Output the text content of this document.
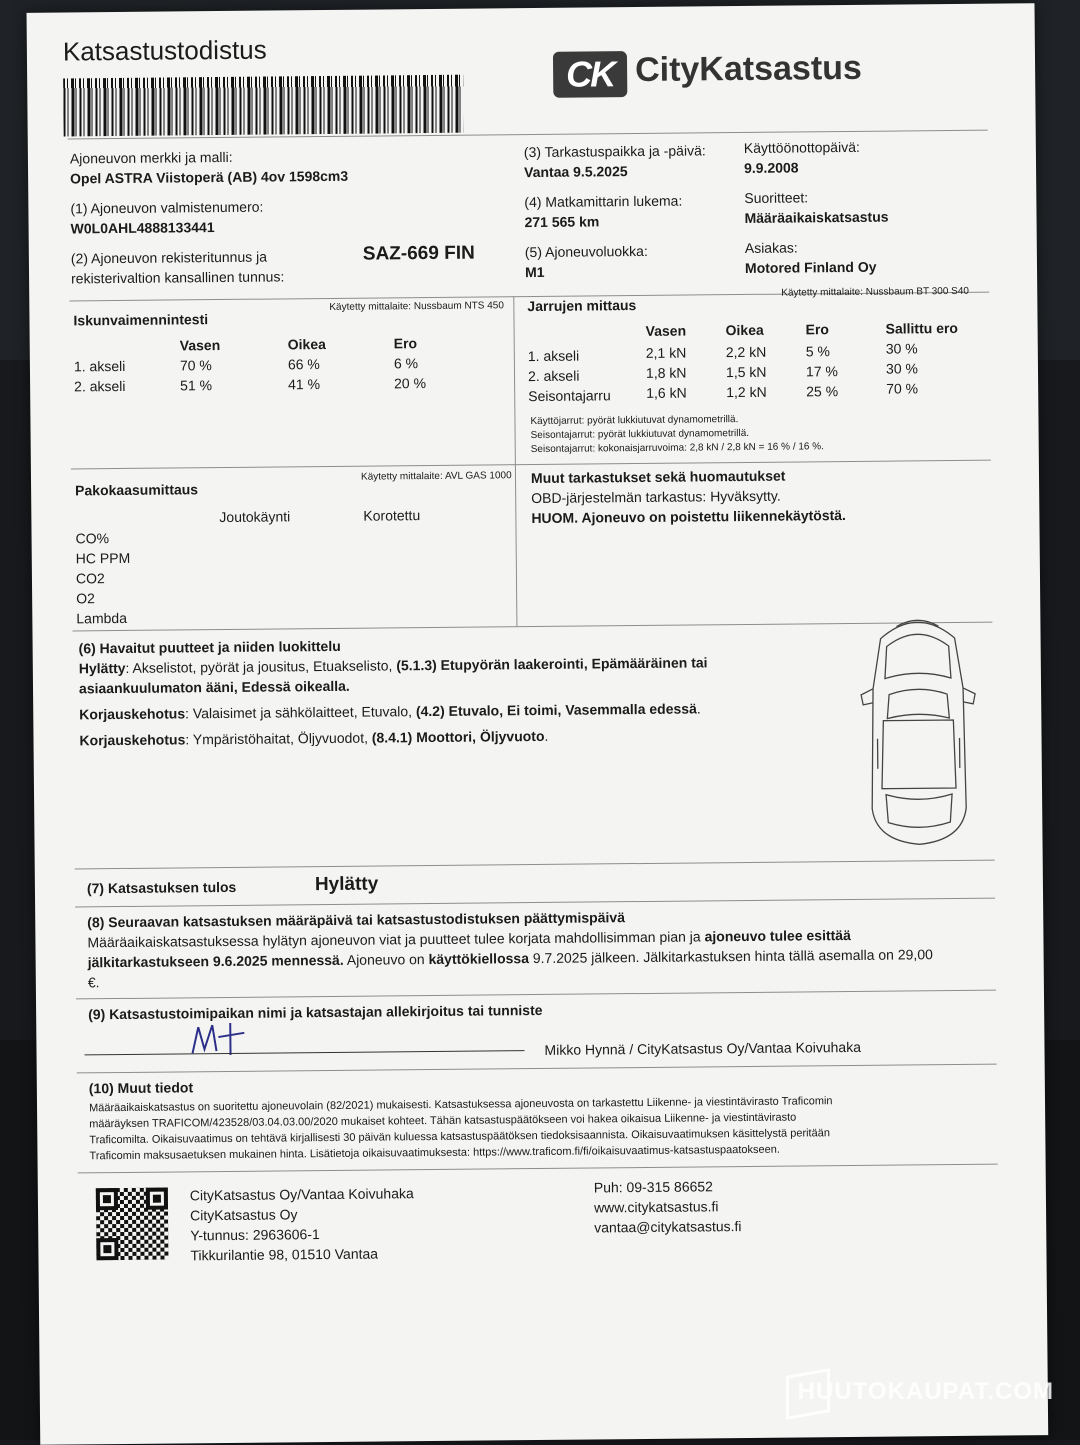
Katsastustodistus
CK CityKatsastus
Ajoneuvon merkki ja malli:
Opel ASTRA Viistoperä (AB) 4ov 1598cm3
(1) Ajoneuvon valmistenumero:
W0L0AHL4888133441
(2) Ajoneuvon rekisteritunnus ja
rekisterivaltion kansallinen tunnus:
SAZ-669 FIN
(3) Tarkastuspaikka ja -päivä:
Vantaa 9.5.2025
(4) Matkamittarin lukema:
271 565 km
(5) Ajoneuvoluokka:
M1
Käyttöönottopäivä:
9.9.2008
Suoritteet:
Määräaikaiskatsastus
Asiakas:
Motored Finland Oy
Iskunvaimennintesti
Käytetty mittalaite: Nussbaum NTS 450
Vasen	Oikea	Ero
1. akseli	70 %	66 %	6 %
2. akseli	51 %	41 %	20 %
Jarrujen mittaus
Käytetty mittalaite: Nussbaum BT 300 S40
Vasen	Oikea	Ero	Sallittu ero
1. akseli	2,1 kN	2,2 kN	5 %	30 %
2. akseli	1,8 kN	1,5 kN	17 %	30 %
Seisontajarru	1,6 kN	1,2 kN	25 %	70 %
Käyttöjarrut: pyörät lukkiutuvat dynamometrillä.
Seisontajarrut: pyörät lukkiutuvat dynamometrillä.
Seisontajarrut: kokonaisjarruvoima: 2,8 kN / 2,8 kN = 16 % / 16 %.
Pakokaasumittaus
Käytetty mittalaite: AVL GAS 1000
Joutokäynti	Korotettu
CO%
HC PPM
CO2
O2
Lambda
Muut tarkastukset sekä huomautukset
OBD-järjestelmän tarkastus: Hyväksytty.
HUOM. Ajoneuvo on poistettu liikennekäytöstä.
(6) Havaitut puutteet ja niiden luokittelu
Hylätty: Akselistot, pyörät ja jousitus, Etuakselisto, (5.1.3) Etupyörän laakerointi, Epämääräinen tai
asiaankuulumaton ääni, Edessä oikealla.
Korjauskehotus: Valaisimet ja sähkölaitteet, Etuvalo, (4.2) Etuvalo, Ei toimi, Vasemmalla edessä.
Korjauskehotus: Ympäristöhaitat, Öljyvuodot, (8.4.1) Moottori, Öljyvuoto.
(7) Katsastuksen tulos	Hylätty
(8) Seuraavan katsastuksen määräpäivä tai katsastustodistuksen päättymispäivä
Määräaikaiskatsastuksessa hylätyn ajoneuvon viat ja puutteet tulee korjata mahdollisimman pian ja ajoneuvo tulee esittää
jälkitarkastukseen 9.6.2025 mennessä. Ajoneuvo on käyttökiellossa 9.7.2025 jälkeen. Jälkitarkastuksen hinta tällä asemalla on 29,00
€.
(9) Katsastustoimipaikan nimi ja katsastajan allekirjoitus tai tunniste
Mikko Hynnä / CityKatsastus Oy/Vantaa Koivuhaka
(10) Muut tiedot
Määräaikaiskatsastus on suoritettu ajoneuvolain (82/2021) mukaisesti. Katsastuksessa ajoneuvosta on tarkastettu Liikenne- ja viestintävirasto Traficomin
määräyksen TRAFICOM/423528/03.04.03.00/2020 mukaiset kohteet. Tähän katsastuspäätökseen voi hakea oikaisua Liikenne- ja viestintävirasto
Traficomilta. Oikaisuvaatimus on tehtävä kirjallisesti 30 päivän kuluessa katsastuspäätöksen tiedoksisaannista. Oikaisuvaatimuksen käsittelystä peritään
Traficomin maksusaetuksen mukainen hinta. Lisätietoja oikaisuvaatimuksesta: https://www.traficom.fi/fi/oikaisuvaatimus-katsastuspaatokseen.
CityKatsastus Oy/Vantaa Koivuhaka
CityKatsastus Oy
Y-tunnus: 2963606-1
Tikkurilantie 98, 01510 Vantaa
Puh: 09-315 86652
www.citykatsastus.fi
vantaa@citykatsastus.fi
HUUTOKAUPAT.COM
